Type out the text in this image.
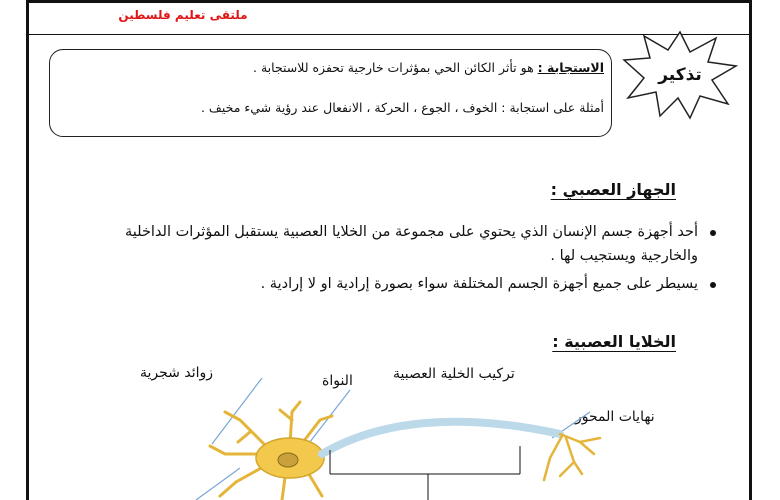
ملتقى تعليم فلسطين
الاستجابة : هو تأثر الكائن الحي بمؤثرات خارجية تحفزه للاستجابة .
أمثلة على استجابة : الخوف ، الجوع ، الحركة ، الانفعال عند رؤية شيء مخيف .
تذكير
الجهاز العصبي :
أحد أجهزة جسم الإنسان الذي يحتوي على مجموعة من الخلايا العصبية يستقبل المؤثرات الداخلية والخارجية ويستجيب لها .
يسيطر على جميع أجهزة الجسم المختلفة سواء بصورة إرادية او لا إرادية .
الخلايا العصبية :
زوائد شجرية	النواة	تركيب الخلية العصبية
نهايات المحور
